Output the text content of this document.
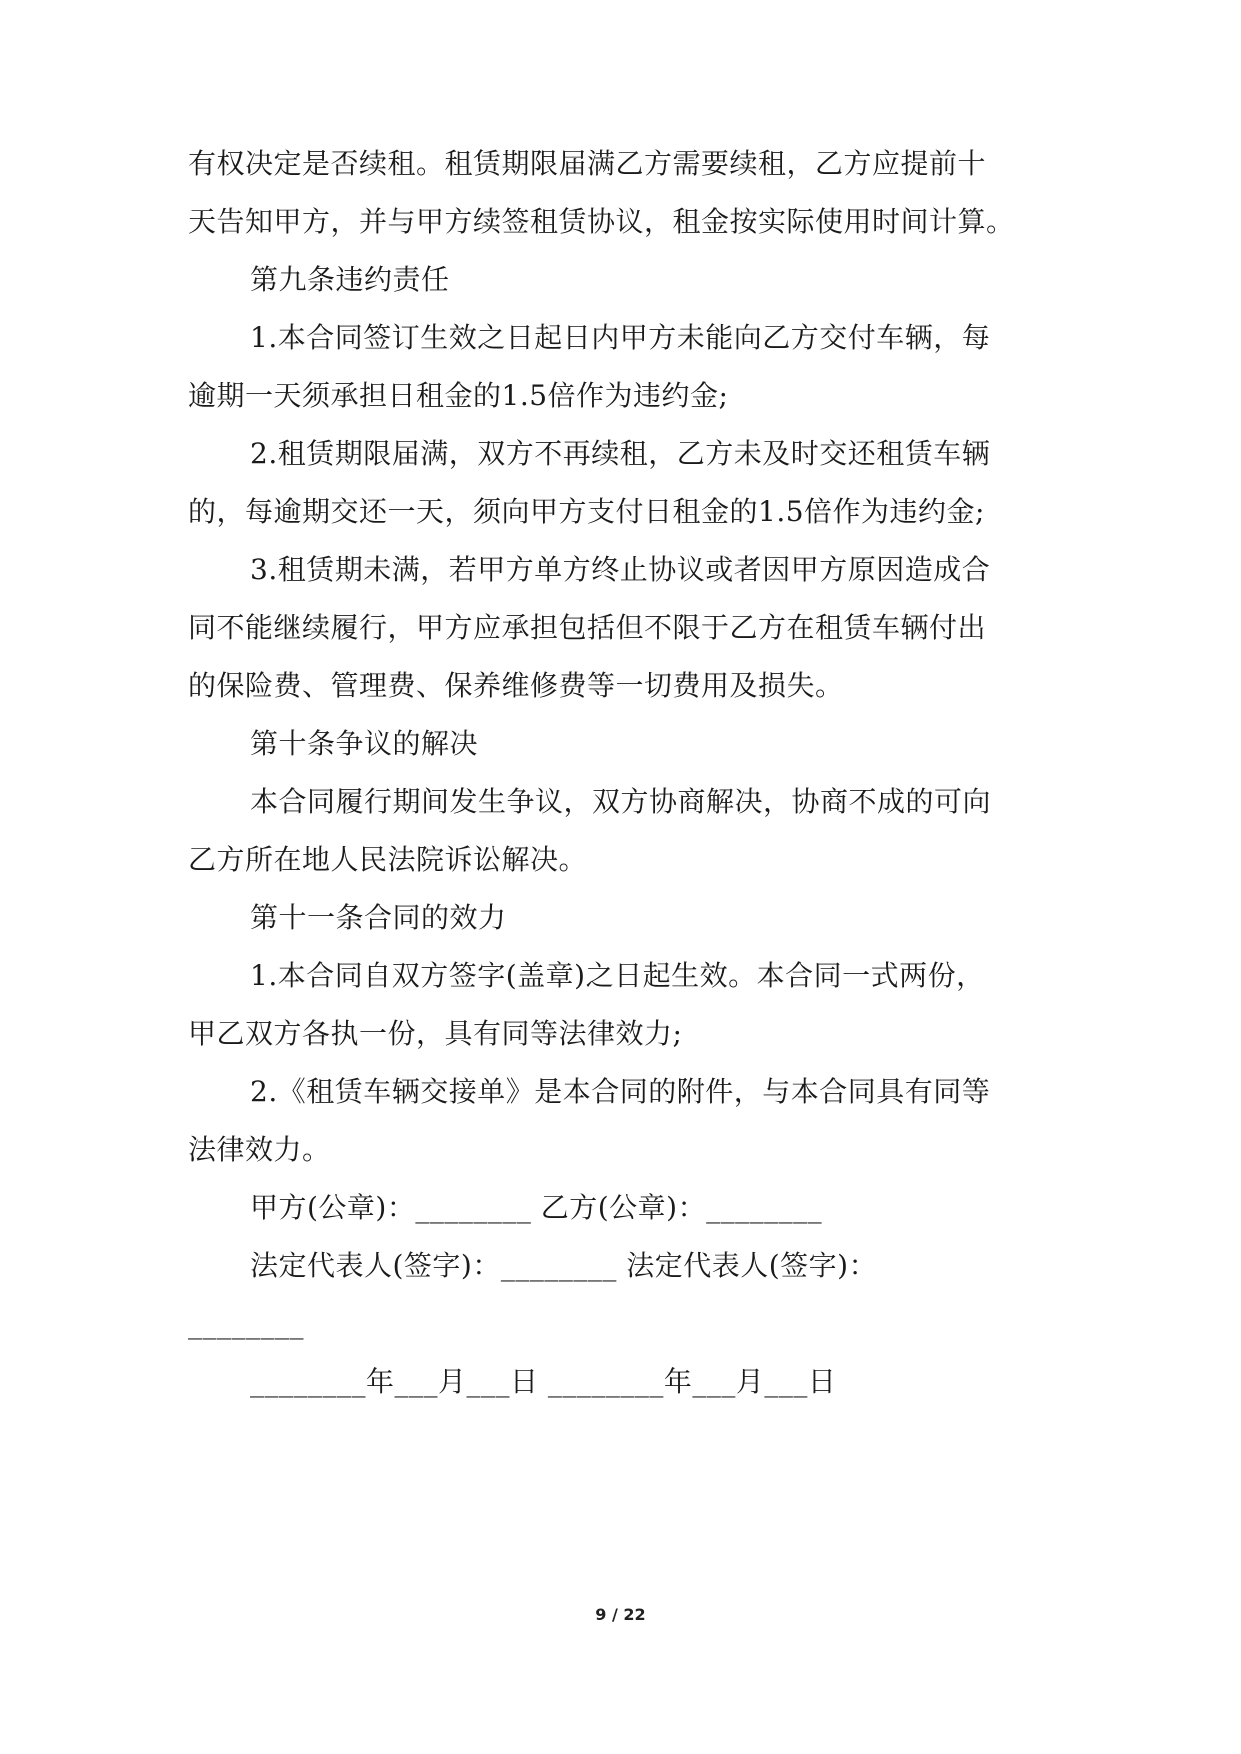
有权决定是否续租。租赁期限届满乙方需要续租，乙方应提前十
天告知甲方，并与甲方续签租赁协议，租金按实际使用时间计算。
第九条违约责任
1.本合同签订生效之日起日内甲方未能向乙方交付车辆，每
逾期一天须承担日租金的1.5倍作为违约金;
2.租赁期限届满，双方不再续租，乙方未及时交还租赁车辆
的，每逾期交还一天，须向甲方支付日租金的1.5倍作为违约金;
3.租赁期未满，若甲方单方终止协议或者因甲方原因造成合
同不能继续履行，甲方应承担包括但不限于乙方在租赁车辆付出
的保险费、管理费、保养维修费等一切费用及损失。
第十条争议的解决
本合同履行期间发生争议，双方协商解决，协商不成的可向
乙方所在地人民法院诉讼解决。
第十一条合同的效力
1.本合同自双方签字(盖章)之日起生效。本合同一式两份，
甲乙双方各执一份，具有同等法律效力;
2.《租赁车辆交接单》是本合同的附件，与本合同具有同等
法律效力。
甲方(公章)：________ 乙方(公章)：________
法定代表人(签字)：________ 法定代表人(签字)：
________
________年___月___日 ________年___月___日
9 / 22
